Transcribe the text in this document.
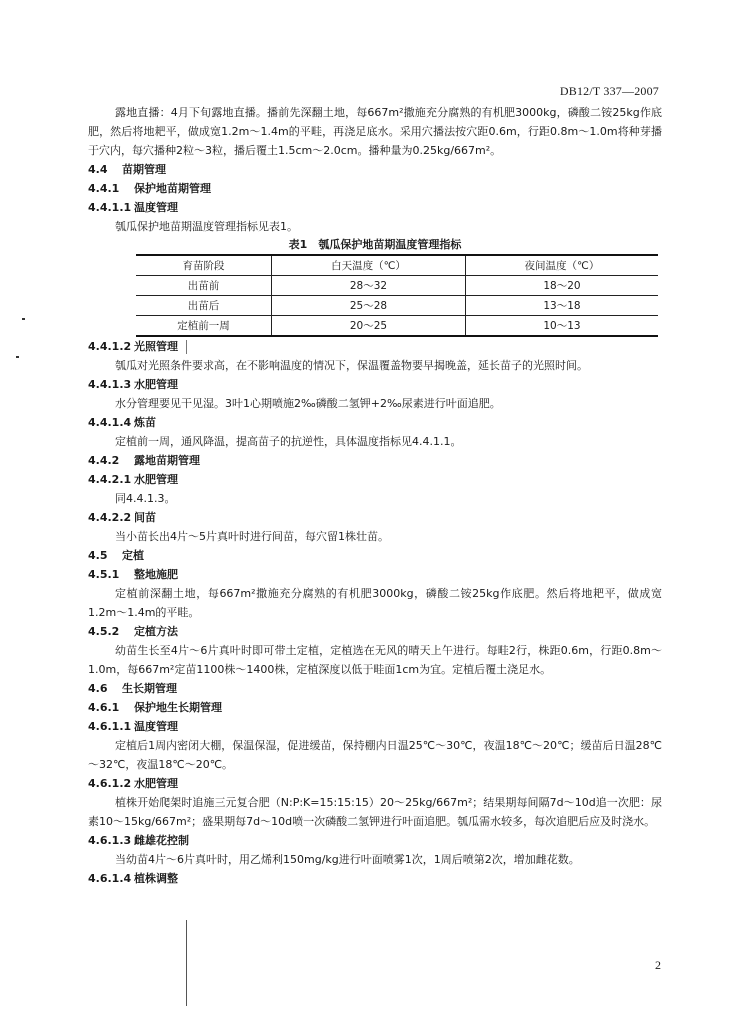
DB12/T 337—2007

露地直播：4月下旬露地直播。播前先深翻土地，每667m²撒施充分腐熟的有机肥3000kg，磷酸二铵25kg作底肥，然后将地耙平，做成宽1.2m～1.4m的平畦，再浇足底水。采用穴播法按穴距0.6m，行距0.8m～1.0m将种芽播于穴内，每穴播种2粒～3粒，播后覆土1.5cm～2.0cm。播种量为0.25kg/667m²。

4.4 苗期管理

4.4.1 保护地苗期管理

4.4.1.1 温度管理

瓠瓜保护地苗期温度管理指标见表1。

表1　瓠瓜保护地苗期温度管理指标

育苗阶段	白天温度（℃）	夜间温度（℃）
出苗前	28～32	18～20
出苗后	25～28	13～18
定植前一周	20～25	10～13

4.4.1.2 光照管理

瓠瓜对光照条件要求高，在不影响温度的情况下，保温覆盖物要早揭晚盖，延长苗子的光照时间。

4.4.1.3 水肥管理

水分管理要见干见湿。3叶1心期喷施2‰磷酸二氢钾+2‰尿素进行叶面追肥。

4.4.1.4 炼苗

定植前一周，通风降温，提高苗子的抗逆性，具体温度指标见4.4.1.1。

4.4.2 露地苗期管理

4.4.2.1 水肥管理

同4.4.1.3。

4.4.2.2 间苗

当小苗长出4片～5片真叶时进行间苗，每穴留1株壮苗。

4.5 定植

4.5.1 整地施肥

定植前深翻土地，每667m²撒施充分腐熟的有机肥3000kg，磷酸二铵25kg作底肥。然后将地耙平，做成宽1.2m～1.4m的平畦。

4.5.2 定植方法

幼苗生长至4片～6片真叶时即可带土定植，定植选在无风的晴天上午进行。每畦2行，株距0.6m，行距0.8m～1.0m，每667m²定苗1100株～1400株，定植深度以低于畦面1cm为宜。定植后覆土浇足水。

4.6 生长期管理

4.6.1 保护地生长期管理

4.6.1.1 温度管理

定植后1周内密闭大棚，保温保湿，促进缓苗，保持棚内日温25℃～30℃，夜温18℃～20℃；缓苗后日温28℃～32℃，夜温18℃～20℃。

4.6.1.2 水肥管理

植株开始爬架时追施三元复合肥（N:P:K=15:15:15）20～25kg/667m²；结果期每间隔7d～10d追一次肥：尿素10～15kg/667m²；盛果期每7d～10d喷一次磷酸二氢钾进行叶面追肥。瓠瓜需水较多，每次追肥后应及时浇水。

4.6.1.3 雌雄花控制

当幼苗4片～6片真叶时，用乙烯利150mg/kg进行叶面喷雾1次，1周后喷第2次，增加雌花数。

4.6.1.4 植株调整

2
